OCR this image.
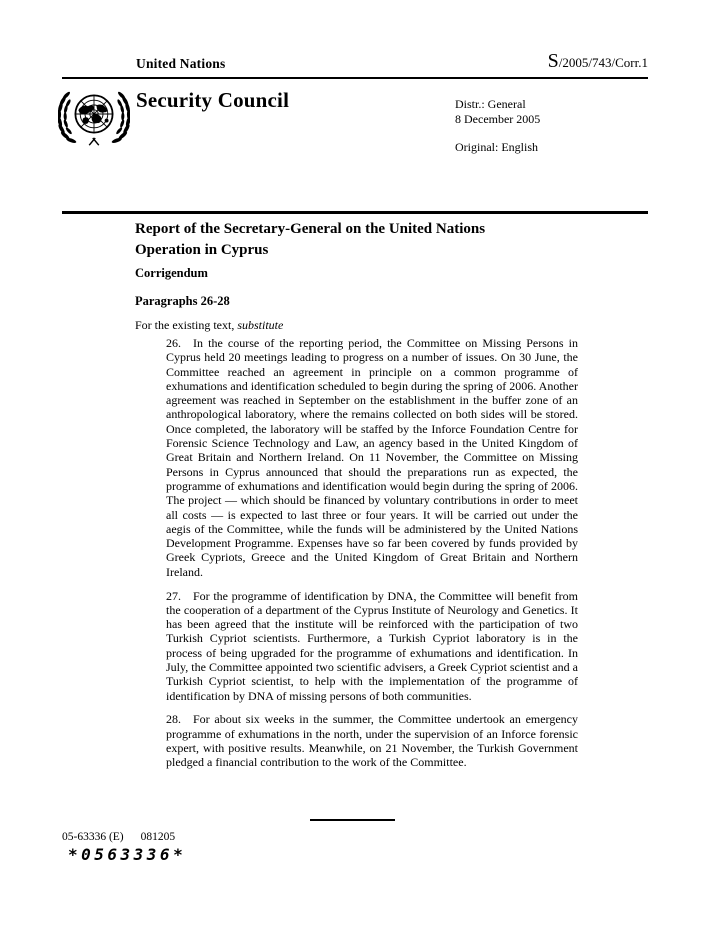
United Nations	S/2005/743/Corr.1
Security Council	Distr.: General
8 December 2005
Original: English
Report of the Secretary-General on the United Nations
Operation in Cyprus
Corrigendum
Paragraphs 26-28
For the existing text, substitute

26. In the course of the reporting period, the Committee on Missing Persons in Cyprus held 20 meetings leading to progress on a number of issues. On 30 June, the Committee reached an agreement in principle on a common programme of exhumations and identification scheduled to begin during the spring of 2006. Another agreement was reached in September on the establishment in the buffer zone of an anthropological laboratory, where the remains collected on both sides will be stored. Once completed, the laboratory will be staffed by the Inforce Foundation Centre for Forensic Science Technology and Law, an agency based in the United Kingdom of Great Britain and Northern Ireland. On 11 November, the Committee on Missing Persons in Cyprus announced that should the preparations run as expected, the programme of exhumations and identification would begin during the spring of 2006. The project — which should be financed by voluntary contributions in order to meet all costs — is expected to last three or four years. It will be carried out under the aegis of the Committee, while the funds will be administered by the United Nations Development Programme. Expenses have so far been covered by funds provided by Greek Cypriots, Greece and the United Kingdom of Great Britain and Northern Ireland.

27. For the programme of identification by DNA, the Committee will benefit from the cooperation of a department of the Cyprus Institute of Neurology and Genetics. It has been agreed that the institute will be reinforced with the participation of two Turkish Cypriot scientists. Furthermore, a Turkish Cypriot laboratory is in the process of being upgraded for the programme of exhumations and identification. In July, the Committee appointed two scientific advisers, a Greek Cypriot scientist and a Turkish Cypriot scientist, to help with the implementation of the programme of identification by DNA of missing persons of both communities.

28. For about six weeks in the summer, the Committee undertook an emergency programme of exhumations in the north, under the supervision of an Inforce forensic expert, with positive results. Meanwhile, on 21 November, the Turkish Government pledged a financial contribution to the work of the Committee.

05-63336 (E) 081205
*0563336*
